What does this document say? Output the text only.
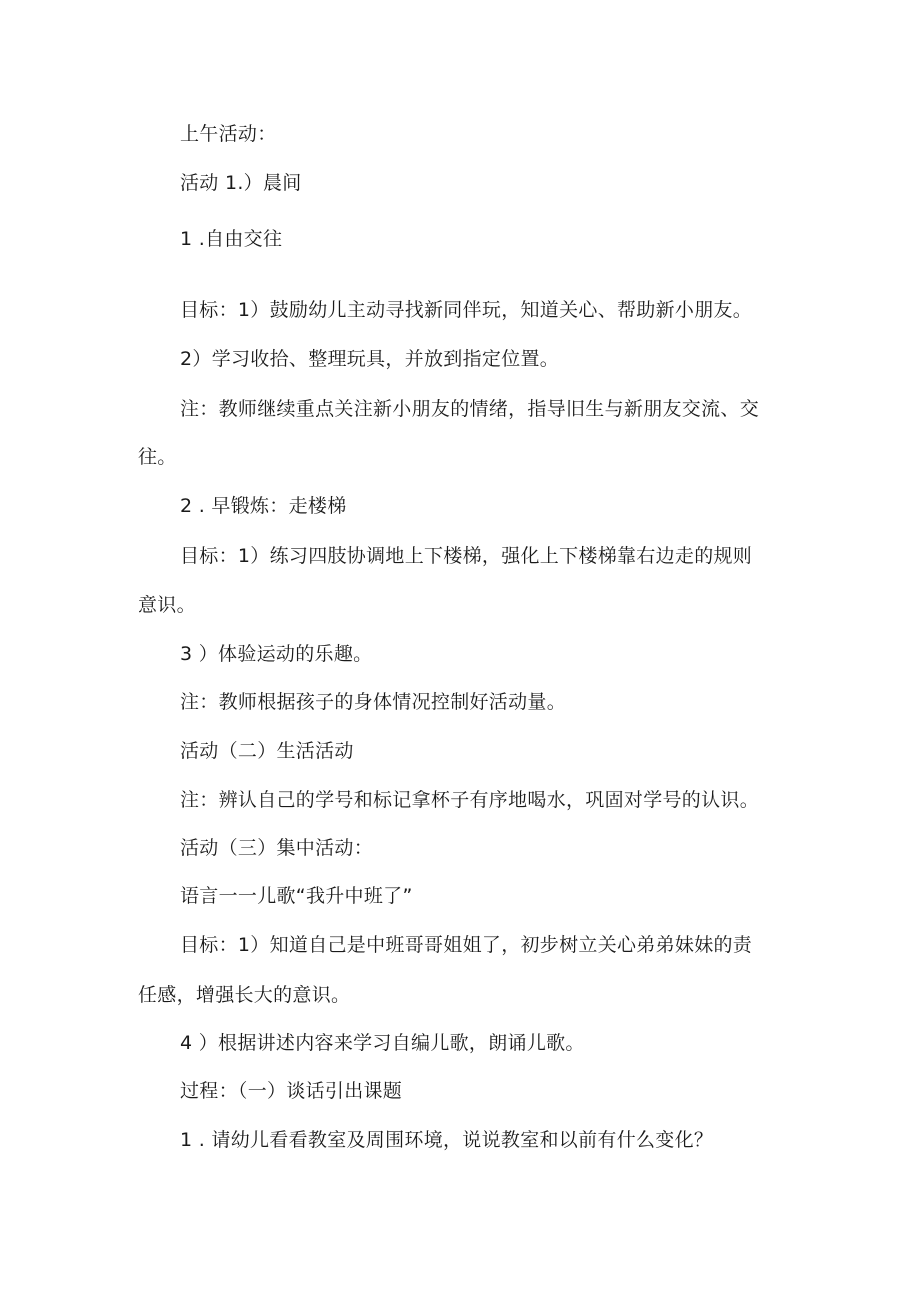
上午活动：
活动 1.）晨间
1 .自由交往
目标：1）鼓励幼儿主动寻找新同伴玩，知道关心、帮助新小朋友。
2）学习收拾、整理玩具，并放到指定位置。
注：教师继续重点关注新小朋友的情绪，指导旧生与新朋友交流、交
往。
2 . 早锻炼：走楼梯
目标：1）练习四肢协调地上下楼梯，强化上下楼梯靠右边走的规则
意识。
3 ）体验运动的乐趣。
注：教师根据孩子的身体情况控制好活动量。
活动（二）生活活动
注：辨认自己的学号和标记拿杯子有序地喝水，巩固对学号的认识。
活动（三）集中活动：
语言一一儿歌“我升中班了”
目标：1）知道自己是中班哥哥姐姐了，初步树立关心弟弟妹妹的责
任感，增强长大的意识。
4 ）根据讲述内容来学习自编儿歌，朗诵儿歌。
过程：（一）谈话引出课题
1 . 请幼儿看看教室及周围环境，说说教室和以前有什么变化？
